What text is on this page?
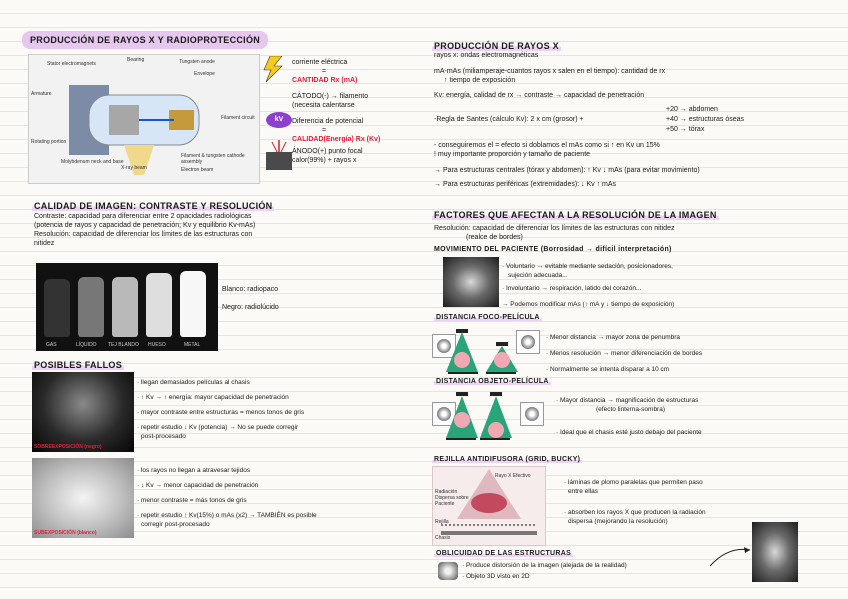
PRODUCCIÓN DE RAYOS X Y RADIOPROTECCIÓN
Stator electromagnets
Bearing	Tungsten anode
Envelope
Armature
Rotating portion
Molybdenum neck and base
X-ray beam
Filament circuit
Filament & tungsten cathode assembly
Electron beam
kV
corriente eléctrica
=
CANTIDAD Rx (mA)
CÁTODO(-) → filamento
(necesita calentarse
Diferencia de potencial
=
CALIDAD(Energía) Rx (Kv)
ÁNODO(+) punto focal
calor(99%) + rayos x
PRODUCCIÓN DE RAYOS X
rayos x: ondas electromagnéticas
mA-mAs (miliamperaje-cuantos rayos x salen en el tiempo): cantidad de rx
↑ tiempo de exposición
Kv: energía, calidad de rx → contraste → capacidad de penetración
-Regla de Santes (cálculo Kv): 2 x cm (grosor) +
+20 → abdomen
+40 → estructuras óseas
+50 → tórax
- conseguiremos el = efecto si doblamos el mAs como si ↑ en Kv un 15%
! muy importante proporción y tamaño de paciente
→ Para estructuras centrales (tórax y abdomen): ↑ Kv ↓ mAs (para evitar movimiento)
→ Para estructuras periféricas (extremidades): ↓ Kv ↑ mAs
CALIDAD DE IMAGEN: CONTRASTE Y RESOLUCIÓN
Contraste: capacidad para diferenciar entre 2 opacidades radiológicas
(potencia de rayos y capacidad de penetración; Kv y equilibrio Kv-mAs)
Resolución: capacidad de diferenciar los límites de las estructuras con
nitidez
GAS	LÍQUIDO TEJ BLANDO HUESO	METAL
Blanco: radiopaco
Negro: radiolúcido
POSIBLES FALLOS
SOBREEXPOSICIÓN (negro)
· llegan demasiados películas al chasis
· ↑ Kv → ↑ energía: mayor capacidad de penetración
· mayor contraste entre estructuras = menos tonos de gris
· repetir estudio ↓ Kv (potencia) → No se puede corregir
post-procesado
SUBEXPOSICIÓN (blanco)
· los rayos no llegan a atravesar tejidos
· ↓ Kv → menor capacidad de penetración
· menor contraste = más tonos de gris
· repetir estudio ↑ Kv(15%) o mAs (x2) → TAMBIÉN es posible
corregir post-procesado
FACTORES QUE AFECTAN A LA RESOLUCIÓN DE LA IMAGEN
Resolución: capacidad de diferenciar los límites de las estructuras con nitidez
(realce de bordes)
MOVIMIENTO DEL PACIENTE (Borrosidad → difícil interpretación)
· Voluntario → evitable mediante sedación, posicionadores,
sujeción adecuada...
· Involuntario → respiración, latido del corazón...
→ Podemos modificar mAs (↑ mA y ↓ tiempo de exposición)
DISTANCIA FOCO-PELÍCULA
· Menor distancia → mayor zona de penumbra
· Menos resolución → menor diferenciación de bordes
· Normalmente se intenta disparar a 10 cm
DISTANCIA OBJETO-PELÍCULA
· Mayor distancia → magnificación de estructuras
(efecto linterna-sombra)
· Ideal que el chasis esté justo debajo del paciente
REJILLA ANTIDIFUSORA (GRID, BUCKY)
Rayo X Efectivo
Radiación Dispersa sobre Paciente
Rejilla
Chasis
· láminas de plomo paralelas que permiten paso
entre ellas
· absorben los rayos X que producen la radiación
dispersa (mejorando la resolución)
OBLICUIDAD DE LAS ESTRUCTURAS
· Produce distorsión de la imagen (alejada de la realidad)
· Objeto 3D visto en 2D
